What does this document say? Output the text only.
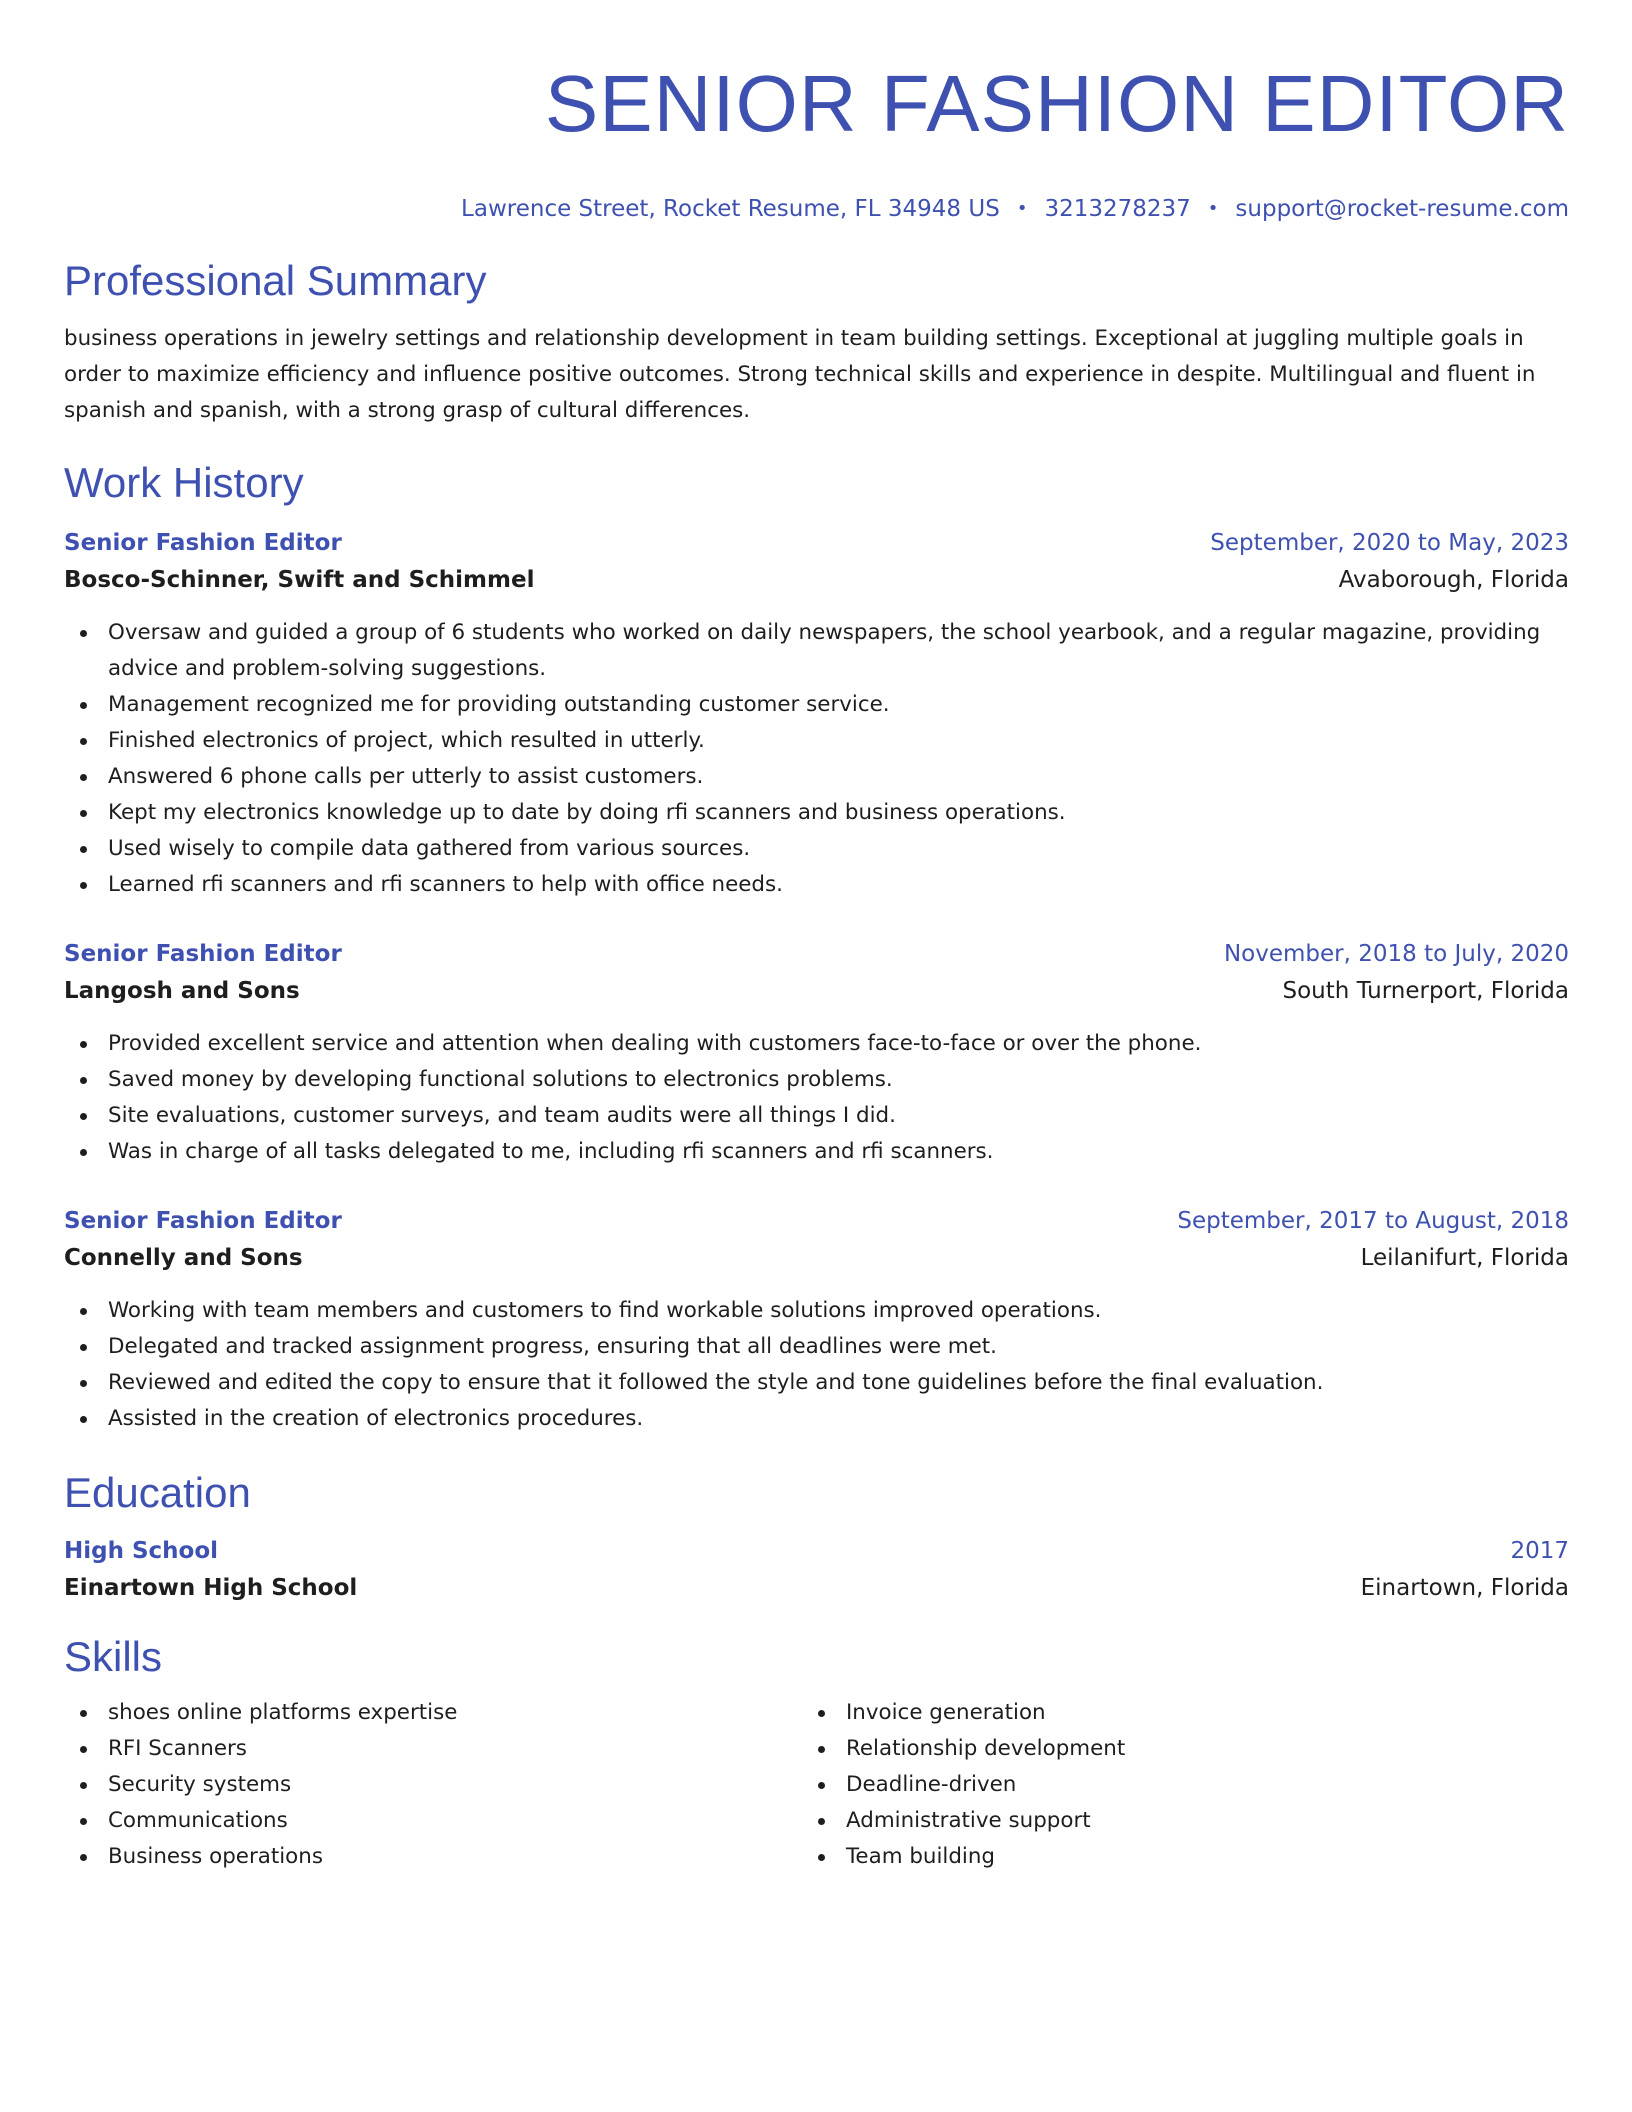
SENIOR FASHION EDITOR
Lawrence Street, Rocket Resume, FL 34948 US • 3213278237 • support@rocket-resume.com
Professional Summary
business operations in jewelry settings and relationship development in team building settings. Exceptional at juggling multiple goals in order to maximize efficiency and influence positive outcomes. Strong technical skills and experience in despite. Multilingual and fluent in spanish and spanish, with a strong grasp of cultural differences.
Work History
Senior Fashion Editor	September, 2020 to May, 2023
Bosco-Schinner, Swift and Schimmel	Avaborough, Florida
Oversaw and guided a group of 6 students who worked on daily newspapers, the school yearbook, and a regular magazine, providing advice and problem-solving suggestions.
Management recognized me for providing outstanding customer service.
Finished electronics of project, which resulted in utterly.
Answered 6 phone calls per utterly to assist customers.
Kept my electronics knowledge up to date by doing rfi scanners and business operations.
Used wisely to compile data gathered from various sources.
Learned rfi scanners and rfi scanners to help with office needs.
Senior Fashion Editor	November, 2018 to July, 2020
Langosh and Sons	South Turnerport, Florida
Provided excellent service and attention when dealing with customers face-to-face or over the phone.
Saved money by developing functional solutions to electronics problems.
Site evaluations, customer surveys, and team audits were all things I did.
Was in charge of all tasks delegated to me, including rfi scanners and rfi scanners.
Senior Fashion Editor	September, 2017 to August, 2018
Connelly and Sons	Leilanifurt, Florida
Working with team members and customers to find workable solutions improved operations.
Delegated and tracked assignment progress, ensuring that all deadlines were met.
Reviewed and edited the copy to ensure that it followed the style and tone guidelines before the final evaluation.
Assisted in the creation of electronics procedures.
Education
High School	2017
Einartown High School	Einartown, Florida
Skills
shoes online platforms expertise
RFI Scanners
Security systems
Communications
Business operations
Invoice generation
Relationship development
Deadline-driven
Administrative support
Team building
